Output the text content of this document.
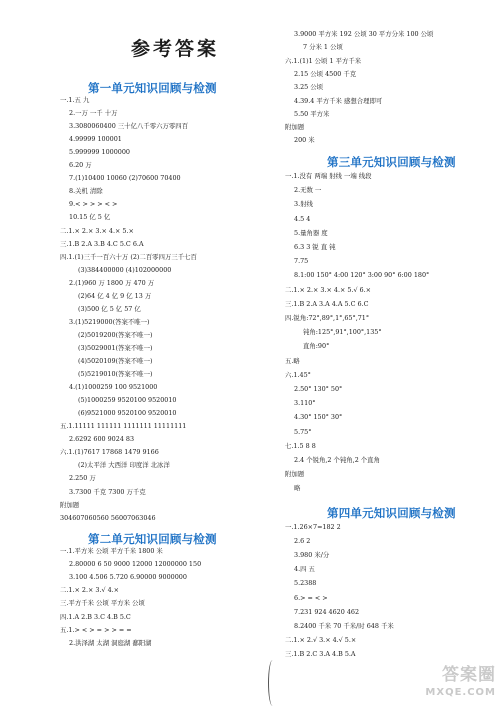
参考答案
第一单元知识回顾与检测
一.1.五 九
2.一万 一千 十万
3.3080060400 三十亿八千零六万零四百
4.99999 100001
5.999999 1000000
6.20 万
7.(1)10400 10060 (2)70600 70400
8.关机 清除
9.< > > > < >
10.15 亿 5 亿
二.1.× 2.× 3.× 4.× 5.×
三.1.B 2.A 3.B 4.C 5.C 6.A
四.1.(1)三千一百六十万 (2)二百零四万三千七百
(3)384400000 (4)102000000
2.(1)960 万 1800 万 470 万
(2)64 亿 4 亿 9 亿 13 万
(3)500 亿 5 亿 57 亿
3.(1)5219000(答案不唯一)
(2)5019200(答案不唯一)
(3)5029001(答案不唯一)
(4)5020109(答案不唯一)
(5)5219010(答案不唯一)
4.(1)1000259 100 9521000
(5)1000259 9520100 9520010
(6)9521000 9520100 9520010
五.1.11111 111111 1111111 11111111
2.6292 600 9024 83
六.1.(1)7617 17868 1479 9166
(2)太平洋 大西洋 印度洋 北冰洋
2.250 万
3.7300 千克 7300 万千克
附加题
304607060560 56007063046
第二单元知识回顾与检测
一.1.平方米 公顷 平方千米 1800 米
2.80000 6 50 9000 12000 12000000 150
3.100 4.506 5.720 6.90000 9000000
二.1.× 2.× 3.√ 4.×
三.平方千米 公顷 平方米 公顷
四.1.A 2.B 3.C 4.B 5.C
五.1.> < > = > > = =
2.洪泽湖 太湖 洞庭湖 鄱阳湖
3.9000 平方米 192 公顷 30 平方分米 100 公顷
7 分米 1 公顷
六.1.(1)1 公顷 1 平方千米
2.15 公顷 4500 千克
3.25 公顷
4.39.4 平方千米 感想合理即可
5.50 平方米
附加题
200 米
第三单元知识回顾与检测
一.1.没有 两端 射线 一端 线段
2.无数 一
3.射线
4.5 4
5.量角器 度
6.3 3 锐 直 钝
7.75
8.1:00 150° 4:00 120° 3:00 90° 6:00 180°
二.1.× 2.× 3.× 4.× 5.√ 6.×
三.1.B 2.A 3.A 4.A 5.C 6.C
四.锐角:72°,89°,1°,65°,71°
钝角:125°,91°,100°,135°
直角:90°
五.略
六.1.45°
2.50° 130° 50°
3.110°
4.30° 150° 30°
5.75°
七.1.5 8 8
2.4 个锐角,2 个钝角,2 个直角
附加题
略
第四单元知识回顾与检测
一.1.26×7=182 2
2.6 2
3.980 米/分
4.四 五
5.2388
6.> = < >
7.231 924 4620 462
8.2400 千米 70 千米/时 648 千米
二.1.× 2.√ 3.× 4.√ 5.×
三.1.B 2.C 3.A 4.B 5.A
答案圈
MXQE.COM
